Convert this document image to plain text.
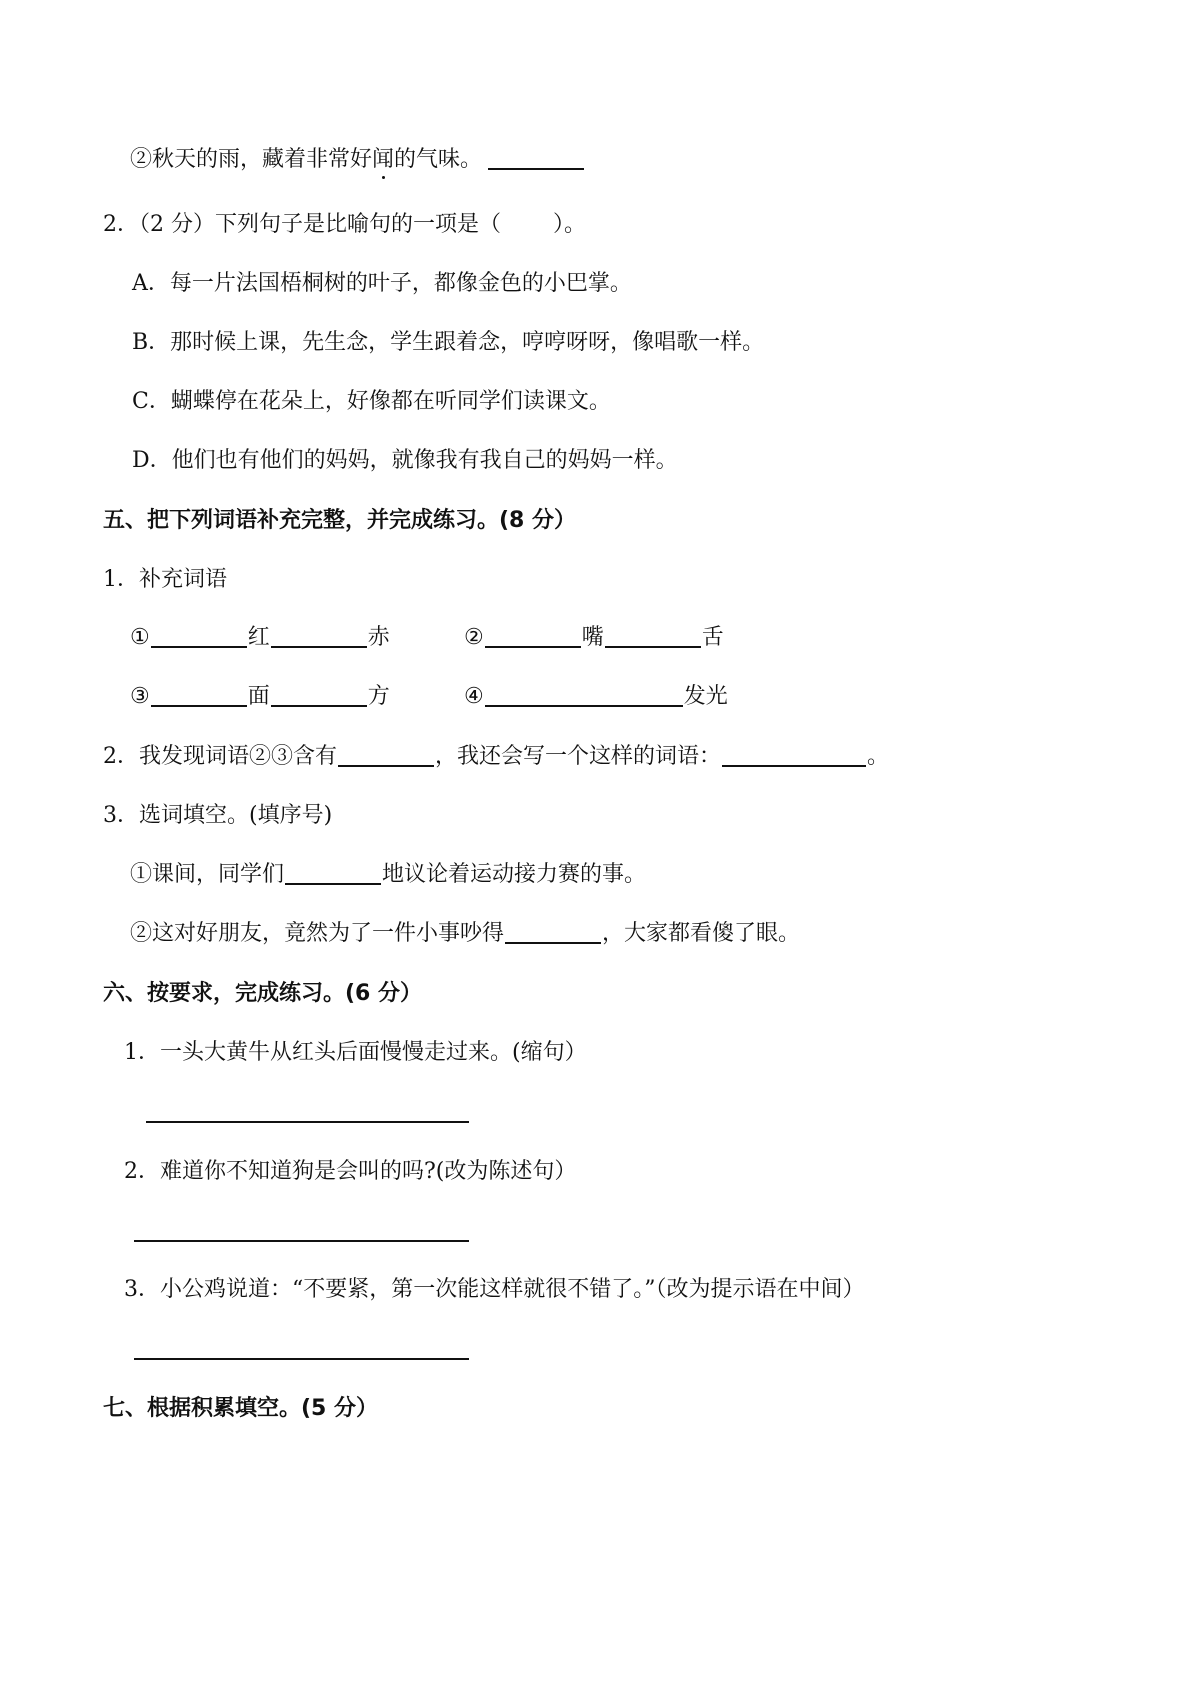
②秋天的雨，藏着非常好闻的气味。
2．（2 分）下列句子是比喻句的一项是（ ）。
A．每一片法国梧桐树的叶子，都像金色的小巴掌。
B．那时候上课，先生念，学生跟着念，哼哼呀呀，像唱歌一样。
C．蝴蝶停在花朵上，好像都在听同学们读课文。
D．他们也有他们的妈妈，就像我有我自己的妈妈一样。
五、把下列词语补充完整，并完成练习。(8 分）
1．补充词语
①	红	赤	②	嘴	舌
③	面	方	④	发光
2．我发现词语②③含有	，我还会写一个这样的词语：	。
3．选词填空。(填序号)
①课间，同学们	地议论着运动接力赛的事。
②这对好朋友，竟然为了一件小事吵得	，大家都看傻了眼。
六、按要求，完成练习。(6 分）
1．一头大黄牛从红头后面慢慢走过来。(缩句）
2．难道你不知道狗是会叫的吗?(改为陈述句）
3．小公鸡说道：“不要紧，第一次能这样就很不错了。”（改为提示语在中间）
七、根据积累填空。(5 分）
